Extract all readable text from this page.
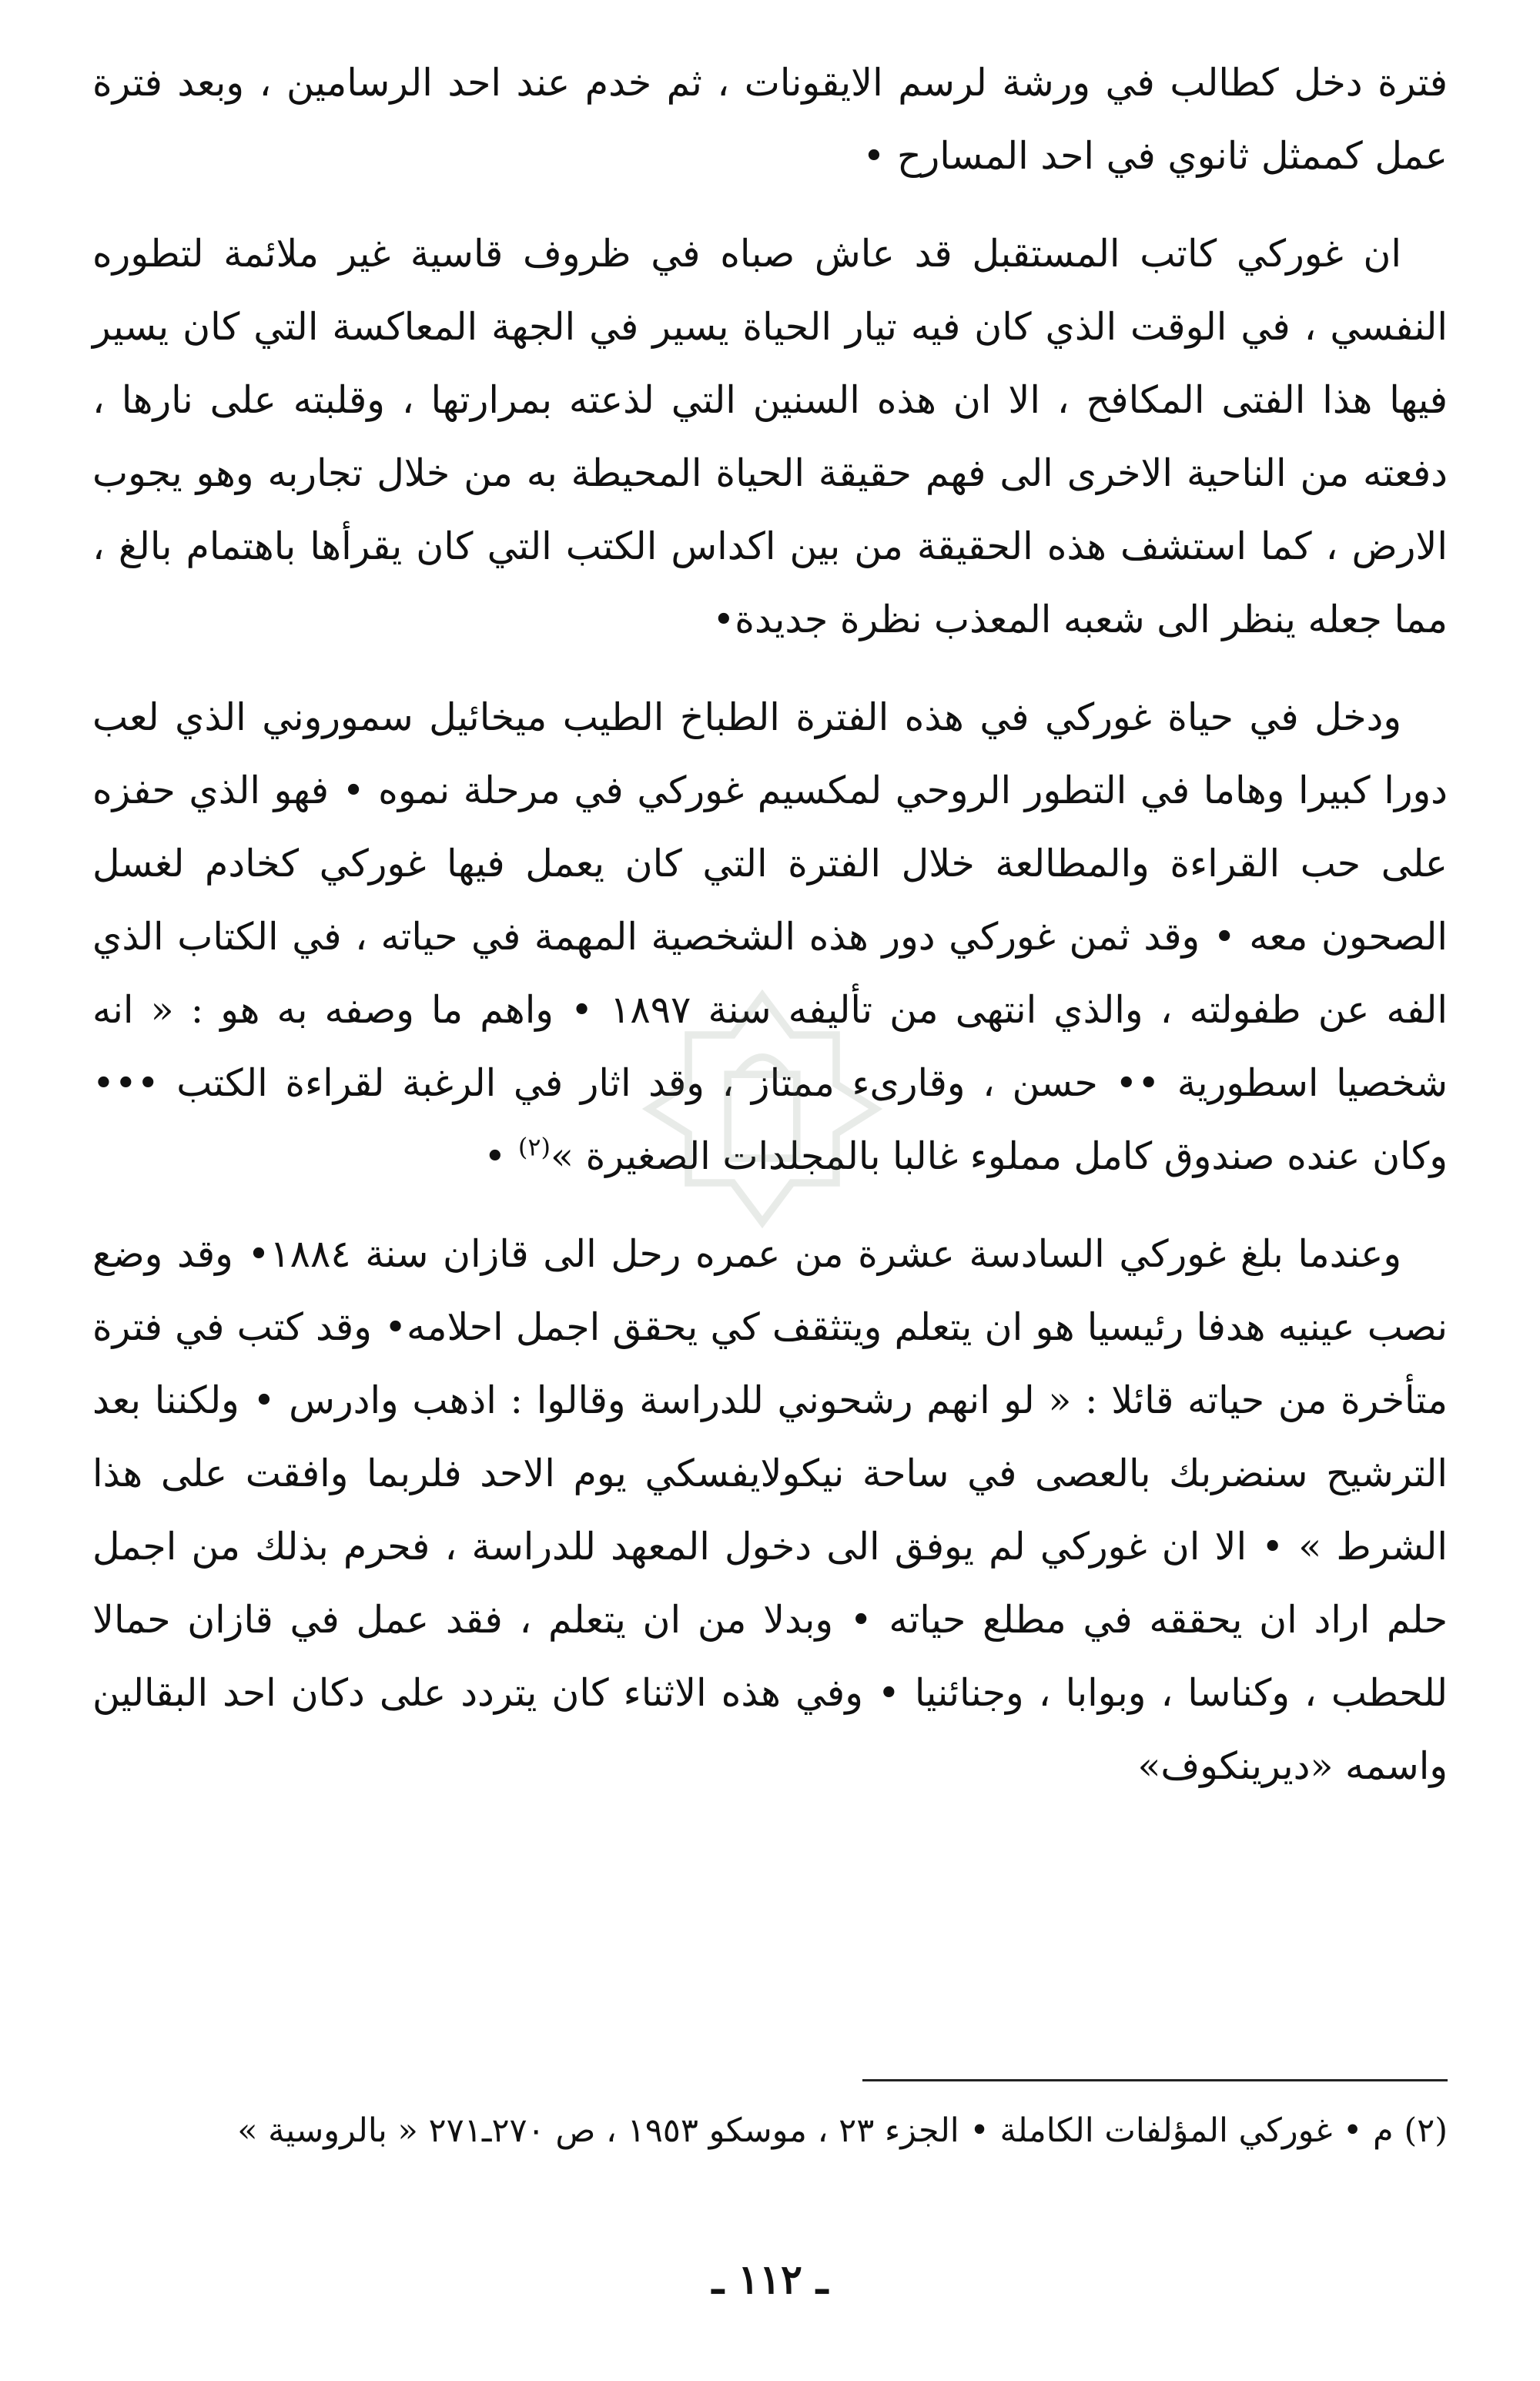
فترة دخل كطالب في ورشة لرسم الايقونات ، ثم خدم عند احد الرسامين ، وبعد فترة عمل كممثل ثانوي في احد المسارح •

ان غوركي كاتب المستقبل قد عاش صباه في ظروف قاسية غير ملائمة لتطوره النفسي ، في الوقت الذي كان فيه تيار الحياة يسير في الجهة المعاكسة التي كان يسير فيها هذا الفتى المكافح ، الا ان هذه السنين التي لذعته بمرارتها ، وقلبته على نارها ، دفعته من الناحية الاخرى الى فهم حقيقة الحياة المحيطة به من خلال تجاربه وهو يجوب الارض ، كما استشف هذه الحقيقة من بين اكداس الكتب التي كان يقرأها باهتمام بالغ ، مما جعله ينظر الى شعبه المعذب نظرة جديدة•

ودخل في حياة غوركي في هذه الفترة الطباخ الطيب ميخائيل سموروني الذي لعب دورا كبيرا وهاما في التطور الروحي لمكسيم غوركي في مرحلة نموه • فهو الذي حفزه على حب القراءة والمطالعة خلال الفترة التي كان يعمل فيها غوركي كخادم لغسل الصحون معه • وقد ثمن غوركي دور هذه الشخصية المهمة في حياته ، في الكتاب الذي الفه عن طفولته ، والذي انتهى من تأليفه سنة ١٨٩٧ • واهم ما وصفه به هو : « انه شخصيا اسطورية •• حسن ، وقارىء ممتاز ، وقد اثار في الرغبة لقراءة الكتب ••• وكان عنده صندوق كامل مملوء غالبا بالمجلدات الصغيرة »$^{(٢)}$ •

وعندما بلغ غوركي السادسة عشرة من عمره رحل الى قازان سنة ١٨٨٤• وقد وضع نصب عينيه هدفا رئيسيا هو ان يتعلم ويتثقف كي يحقق اجمل احلامه• وقد كتب في فترة متأخرة من حياته قائلا : « لو انهم رشحوني للدراسة وقالوا : اذهب وادرس • ولكننا بعد الترشيح سنضربك بالعصى في ساحة نيكولايفسكي يوم الاحد فلربما وافقت على هذا الشرط » • الا ان غوركي لم يوفق الى دخول المعهد للدراسة ، فحرم بذلك من اجمل حلم اراد ان يحققه في مطلع حياته • وبدلا من ان يتعلم ، فقد عمل في قازان حمالا للحطب ، وكناسا ، وبوابا ، وجنائنيا • وفي هذه الاثناء كان يتردد على دكان احد البقالين واسمه «ديرينكوف»

(٢) م • غوركي المؤلفات الكاملة • الجزء ٢٣ ، موسكو ١٩٥٣ ، ص ٢٧٠ـ٢٧١ « بالروسية »
ـ ١١٢ ـ
